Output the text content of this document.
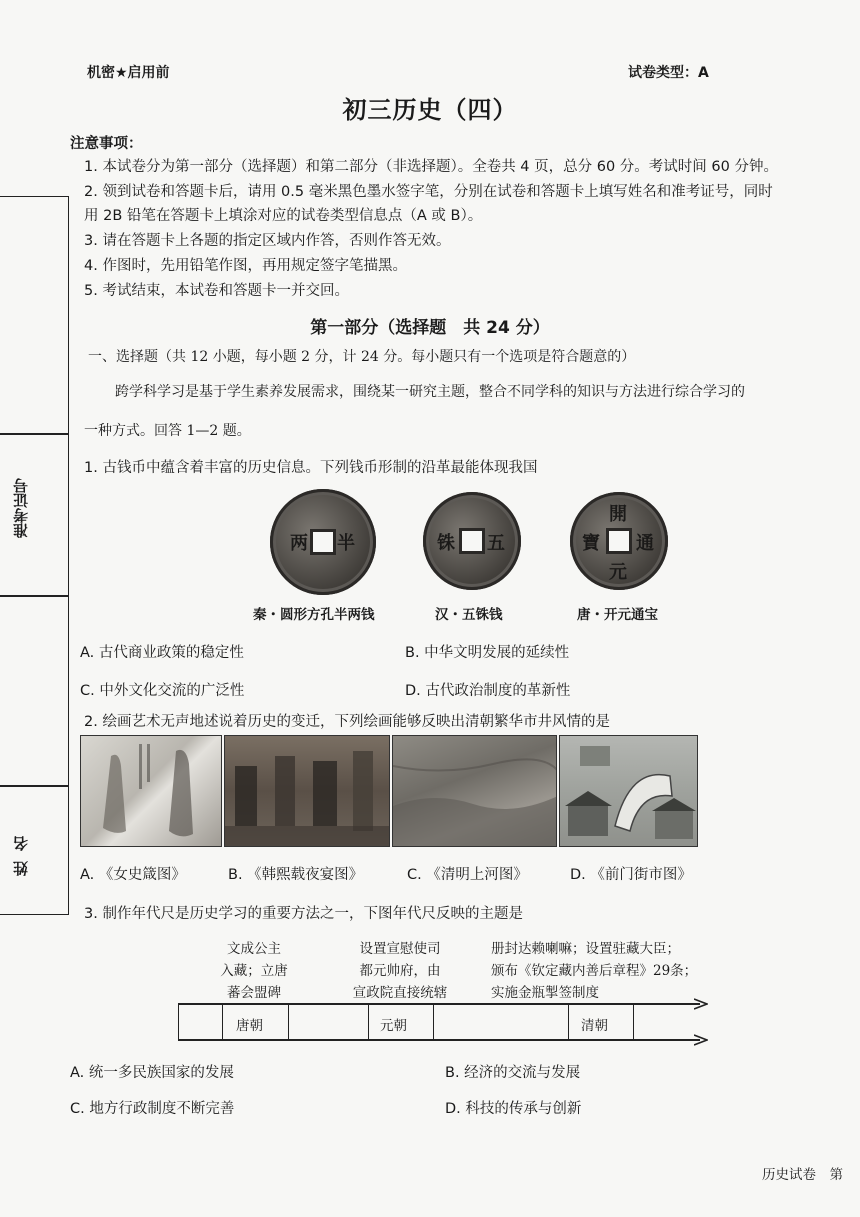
机密★启用前	试卷类型：A
初三历史（四）
准考证号
姓名
注意事项：
1. 本试卷分为第一部分（选择题）和第二部分（非选择题）。全卷共 4 页，总分 60 分。考试时间 60 分钟。
2. 领到试卷和答题卡后，请用 0.5 毫米黑色墨水签字笔，分别在试卷和答题卡上填写姓名和准考证号，同时
用 2B 铅笔在答题卡上填涂对应的试卷类型信息点（A 或 B）。
3. 请在答题卡上各题的指定区域内作答，否则作答无效。
4. 作图时，先用铅笔作图，再用规定签字笔描黑。
5. 考试结束，本试卷和答题卡一并交回。
第一部分（选择题　共 24 分）
一、选择题（共 12 小题，每小题 2 分，计 24 分。每小题只有一个选项是符合题意的）
跨学科学习是基于学生素养发展需求，围绕某一研究主题，整合不同学科的知识与方法进行综合学习的
一种方式。回答 1—2 题。
1. 古钱币中蕴含着丰富的历史信息。下列钱币形制的沿革最能体现我国
两 半	铢 五
開
元
通
寶
秦・圆形方孔半两钱	汉・五铢钱	唐・开元通宝
A. 古代商业政策的稳定性	B. 中华文明发展的延续性
C. 中外文化交流的广泛性	D. 古代政治制度的革新性
2. 绘画艺术无声地述说着历史的变迁，下列绘画能够反映出清朝繁华市井风情的是
A. 《女史箴图》	B. 《韩熙载夜宴图》	C. 《清明上河图》	D. 《前门街市图》
3. 制作年代尺是历史学习的重要方法之一，下图年代尺反映的主题是
文成公主
入藏；立唐
蕃会盟碑
设置宣慰使司
都元帅府，由
宣政院直接统辖
册封达赖喇嘛；设置驻藏大臣；
颁布《钦定藏内善后章程》29条；
实施金瓶掣签制度
唐朝	元朝	清朝
A. 统一多民族国家的发展	B. 经济的交流与发展
C. 地方行政制度不断完善	D. 科技的传承与创新
历史试卷　第
